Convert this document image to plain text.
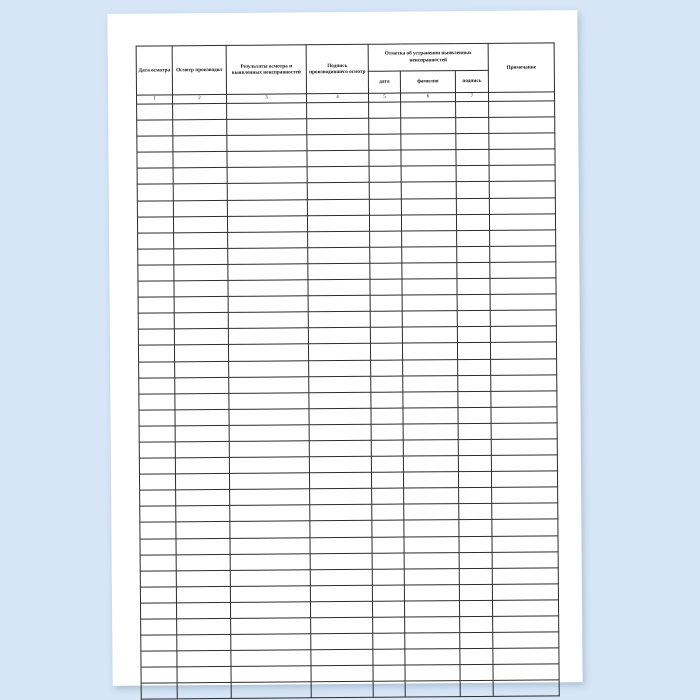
Дата осмотра	Осмотр производил	Результаты осмотра и выявленных неисправностей	Подпись производившего осмотр	Отметка об устранении выявленных неисправностей			Примечание
				дата	фамилия	подпись	
1	2	3	4	5	6	7	
